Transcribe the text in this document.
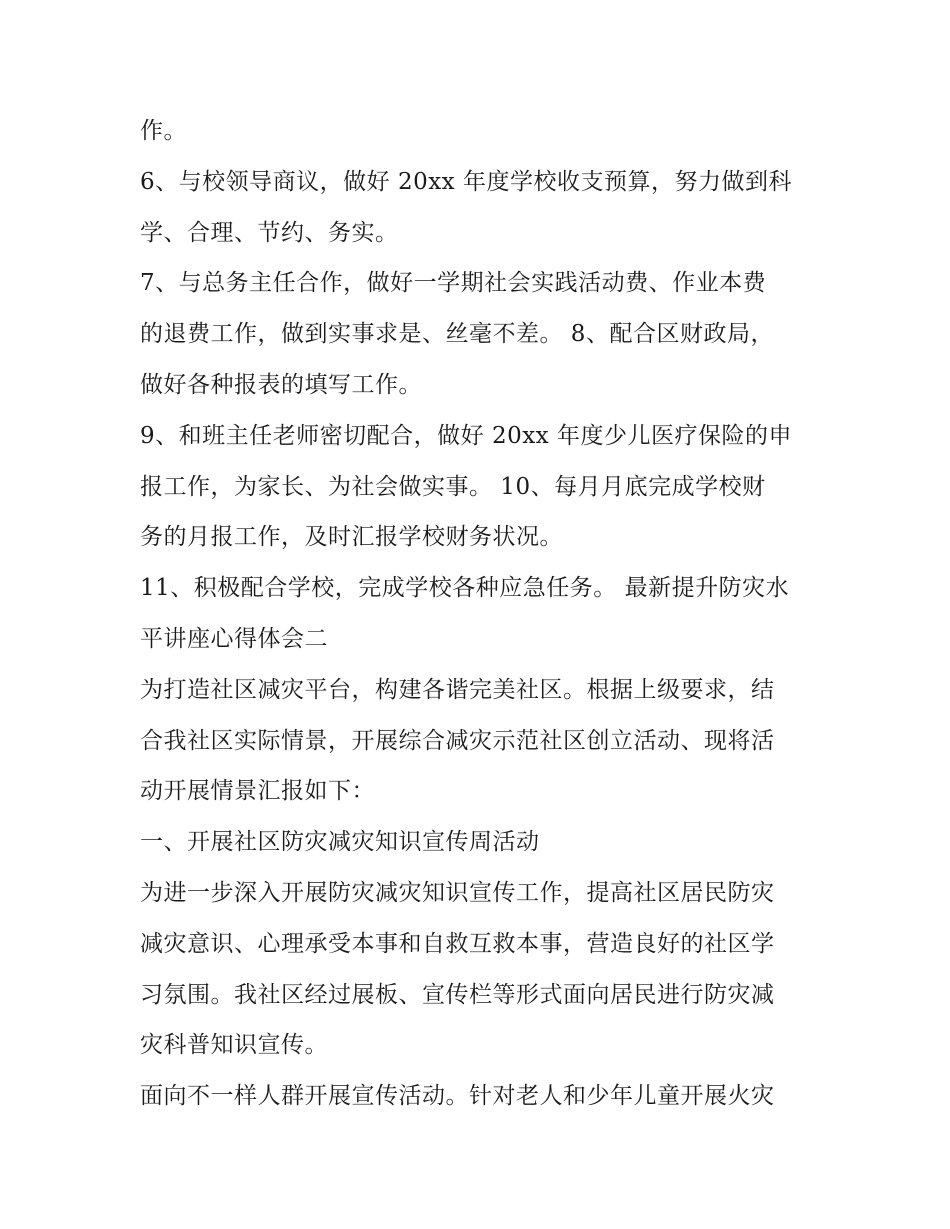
作。
6、与校领导商议，做好 20xx 年度学校收支预算，努力做到科
学、合理、节约、务实。
7、与总务主任合作，做好一学期社会实践活动费、作业本费
的退费工作，做到实事求是、丝毫不差。 8、配合区财政局，
做好各种报表的填写工作。
9、和班主任老师密切配合，做好 20xx 年度少儿医疗保险的申
报工作，为家长、为社会做实事。 10、每月月底完成学校财
务的月报工作，及时汇报学校财务状况。
11、积极配合学校，完成学校各种应急任务。 最新提升防灾水
平讲座心得体会二
为打造社区减灾平台，构建各谐完美社区。根据上级要求，结
合我社区实际情景，开展综合减灾示范社区创立活动、现将活
动开展情景汇报如下：
一、开展社区防灾减灾知识宣传周活动
为进一步深入开展防灾减灾知识宣传工作，提高社区居民防灾
减灾意识、心理承受本事和自救互救本事，营造良好的社区学
习氛围。我社区经过展板、宣传栏等形式面向居民进行防灾减
灾科普知识宣传。
面向不一样人群开展宣传活动。针对老人和少年儿童开展火灾
